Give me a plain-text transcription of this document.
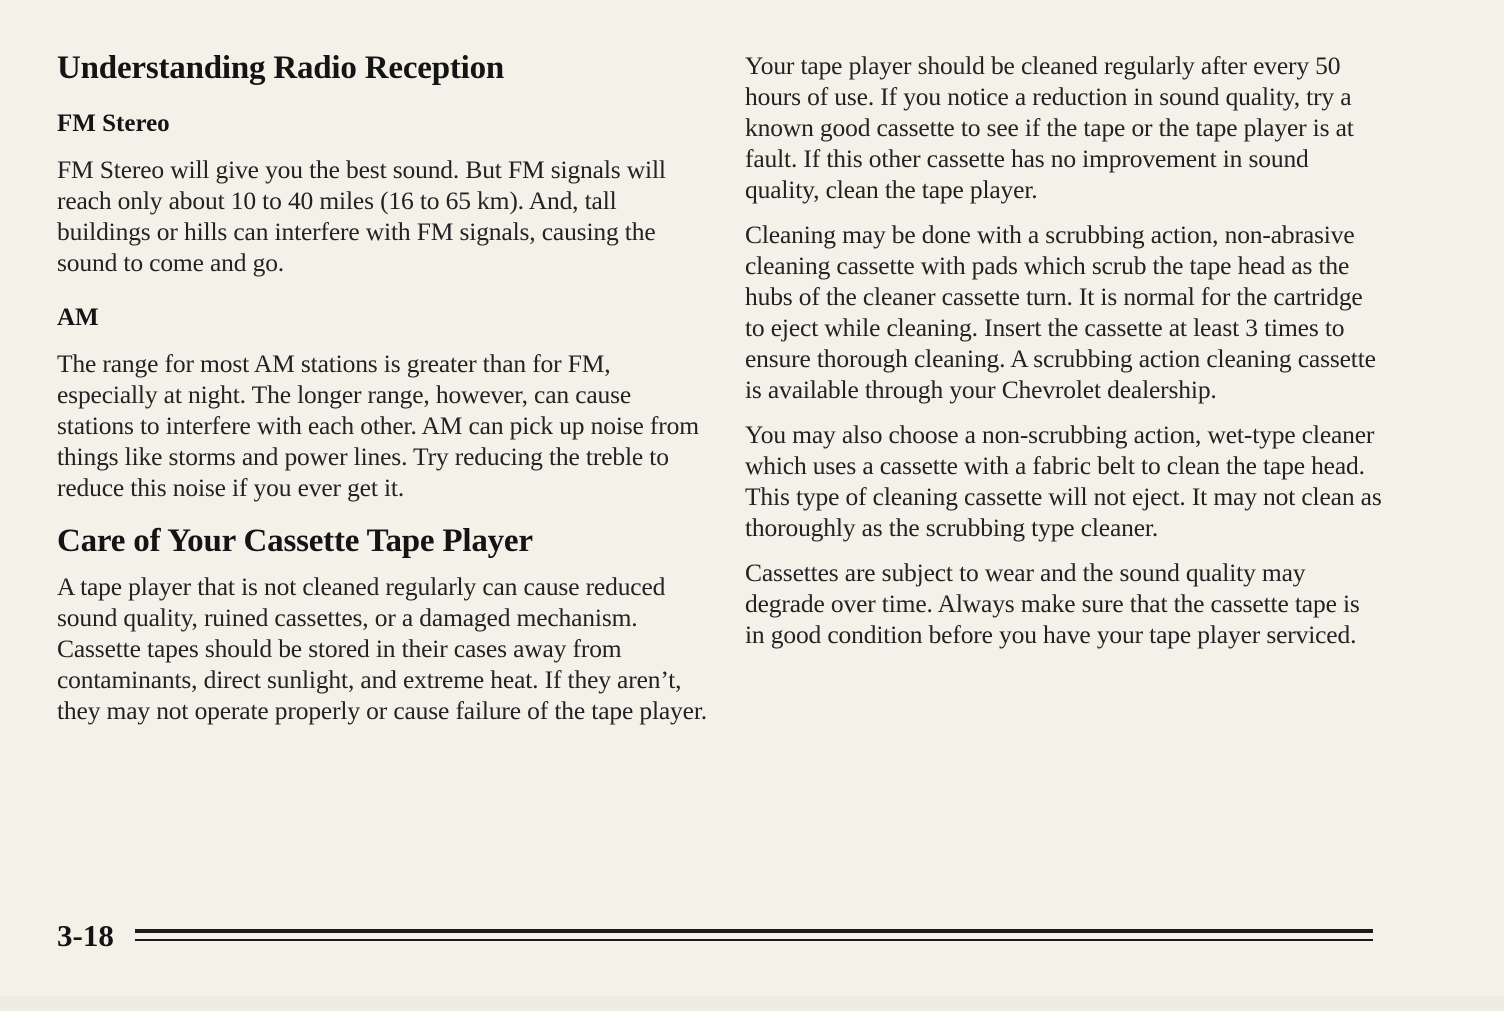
Understanding Radio Reception
FM Stereo

FM Stereo will give you the best sound. But FM signals will reach only about 10 to 40 miles (16 to 65 km). And, tall buildings or hills can interfere with FM signals, causing the sound to come and go.

AM

The range for most AM stations is greater than for FM, especially at night. The longer range, however, can cause stations to interfere with each other. AM can pick up noise from things like storms and power lines. Try reducing the treble to reduce this noise if you ever get it.

Care of Your Cassette Tape Player

A tape player that is not cleaned regularly can cause reduced sound quality, ruined cassettes, or a damaged mechanism. Cassette tapes should be stored in their cases away from contaminants, direct sunlight, and extreme heat. If they aren’t, they may not operate properly or cause failure of the tape player.

Your tape player should be cleaned regularly after every 50 hours of use. If you notice a reduction in sound quality, try a known good cassette to see if the tape or the tape player is at fault. If this other cassette has no improvement in sound quality, clean the tape player.

Cleaning may be done with a scrubbing action, non-abrasive cleaning cassette with pads which scrub the tape head as the hubs of the cleaner cassette turn. It is normal for the cartridge to eject while cleaning. Insert the cassette at least 3 times to ensure thorough cleaning. A scrubbing action cleaning cassette is available through your Chevrolet dealership.

You may also choose a non-scrubbing action, wet-type cleaner which uses a cassette with a fabric belt to clean the tape head. This type of cleaning cassette will not eject. It may not clean as thoroughly as the scrubbing type cleaner.

Cassettes are subject to wear and the sound quality may degrade over time. Always make sure that the cassette tape is in good condition before you have your tape player serviced.

3-18
